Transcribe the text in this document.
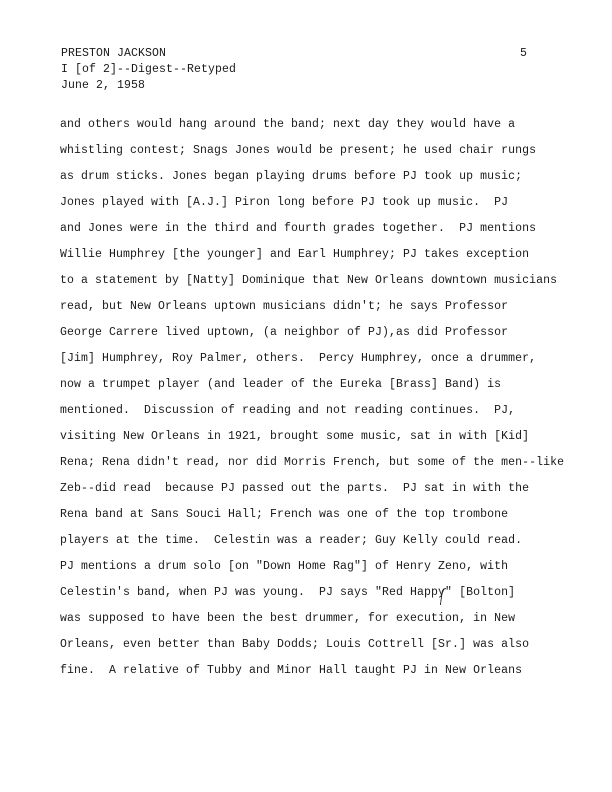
PRESTON JACKSON
I [of 2]--Digest--Retyped
June 2, 1958
5
and others would hang around the band; next day they would have a
whistling contest; Snags Jones would be present; he used chair rungs
as drum sticks. Jones began playing drums before PJ took up music;
Jones played with [A.J.] Piron long before PJ took up music.  PJ
and Jones were in the third and fourth grades together.  PJ mentions
Willie Humphrey [the younger] and Earl Humphrey; PJ takes exception
to a statement by [Natty] Dominique that New Orleans downtown musicians
read, but New Orleans uptown musicians didn't; he says Professor
George Carrere lived uptown, (a neighbor of PJ),as did Professor
[Jim] Humphrey, Roy Palmer, others.  Percy Humphrey, once a drummer,
now a trumpet player (and leader of the Eureka [Brass] Band) is
mentioned.  Discussion of reading and not reading continues.  PJ,
visiting New Orleans in 1921, brought some music, sat in with [Kid]
Rena; Rena didn't read, nor did Morris French, but some of the men--like
Zeb--did read  because PJ passed out the parts.  PJ sat in with the
Rena band at Sans Souci Hall; French was one of the top trombone
players at the time.  Celestin was a reader; Guy Kelly could read.
PJ mentions a drum solo [on "Down Home Rag"] of Henry Zeno, with
Celestin's band, when PJ was young.  PJ says "Red Happy" [Bolton]
was supposed to have been the best drummer, for execution, in New
Orleans, even better than Baby Dodds; Louis Cottrell [Sr.] was also
fine.  A relative of Tubby and Minor Hall taught PJ in New Orleans
